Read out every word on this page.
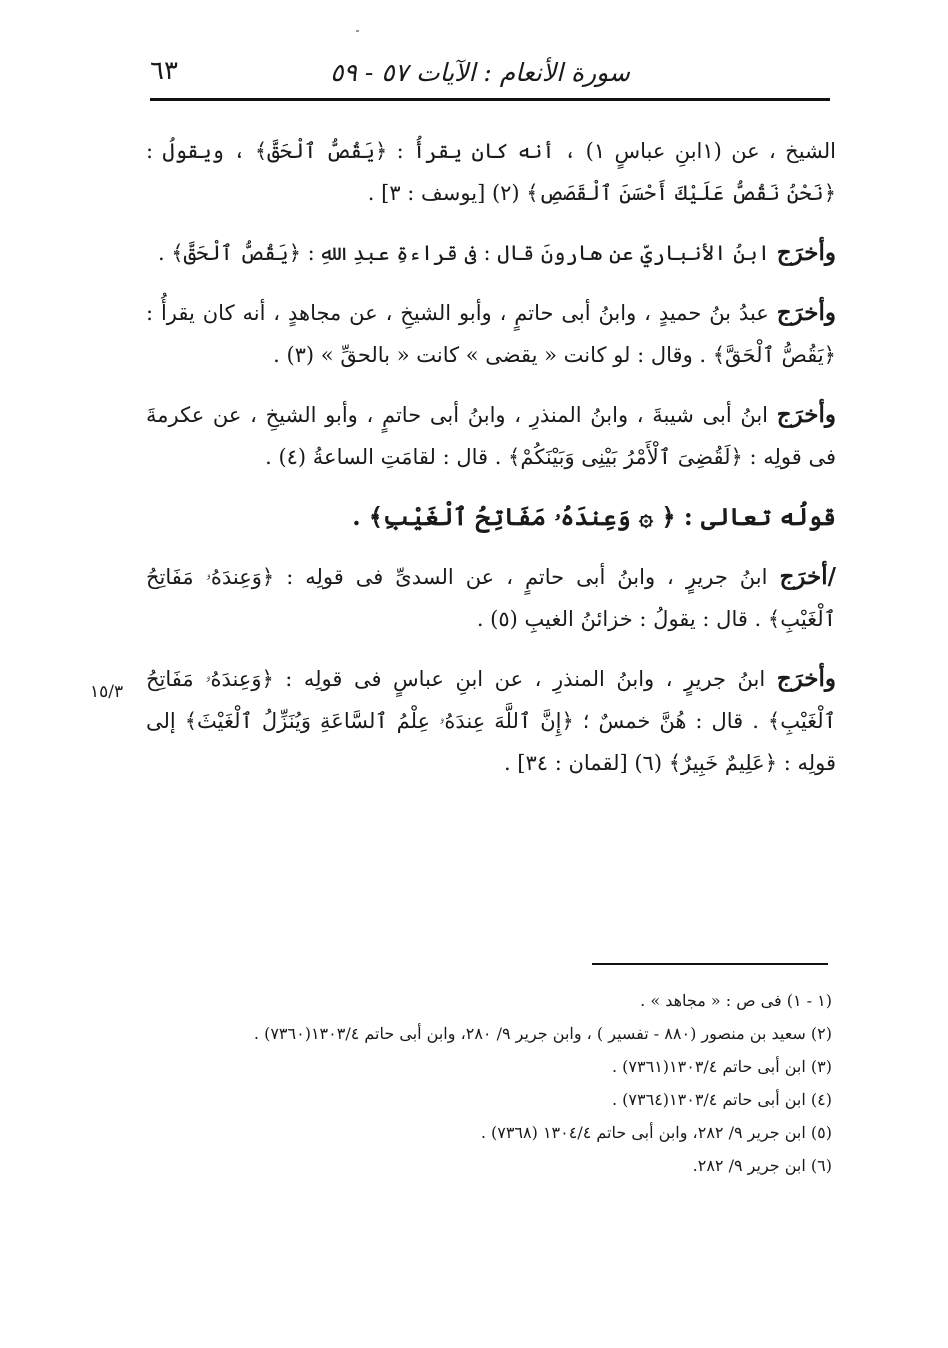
سورة الأنعام : الآيات ٥٧ - ٥٩
٦٣

الشيخ ، عن (١ابنِ عباسٍ ١) ، أنه كان يقرأُ : ﴿يَقُصُّ ٱلْحَقَّ﴾ ، ويقولُ : ﴿نَحْنُ نَقُصُّ عَلَيْكَ أَحْسَنَ ٱلْقَصَصِ﴾ (٢) [يوسف : ٣] .

وأخرَج ابنُ الأنباريِّ عن هارونَ قال : فى قراءةِ عبدِ اللهِ : ﴿يَقُصُّ ٱلْحَقَّ﴾ .

وأخرَج عبدُ بنُ حميدٍ ، وابنُ أبى حاتمٍ ، وأبو الشيخِ ، عن مجاهدٍ ، أنه كان يقرأُ : ﴿يَقُصُّ ٱلْحَقَّ﴾ . وقال : لو كانت « يقضى » كانت « بالحقِّ » (٣) .

وأخرَج ابنُ أبى شيبةَ ، وابنُ المنذرِ ، وابنُ أبى حاتمٍ ، وأبو الشيخِ ، عن عكرمةَ فى قولِه : ﴿لَقُضِىَ ٱلْأَمْرُ بَيْنِى وَبَيْنَكُمْ﴾ . قال : لقامَتِ الساعةُ (٤) .

قولُه تعالى : ﴿ ۞ وَعِندَهُۥ مَفَاتِحُ ٱلْغَيْبِ﴾ .

/أخرَج ابنُ جريرٍ ، وابنُ أبى حاتمٍ ، عن السدىِّ فى قولِه : ﴿وَعِندَهُۥ مَفَاتِحُ ٱلْغَيْبِ﴾ . قال : يقولُ : خزائنُ الغيبِ (٥) .

وأخرَج ابنُ جريرٍ ، وابنُ المنذرِ ، عن ابنِ عباسٍ فى قولِه : ﴿وَعِندَهُۥ مَفَاتِحُ ٱلْغَيْبِ﴾ . قال : هُنَّ خمسٌ ؛ ﴿إِنَّ ٱللَّهَ عِندَهُۥ عِلْمُ ٱلسَّاعَةِ وَيُنَزِّلُ ٱلْغَيْثَ﴾ إلى قولِه : ﴿عَلِيمٌ خَبِيرٌ﴾ (٦) [لقمان : ٣٤] .

١٥/٣

(١ - ١) فى ص : « مجاهد » .

(٢) سعيد بن منصور (٨٨٠ - تفسير ) ، وابن جرير ٩/ ٢٨٠، وابن أبى حاتم ١٣٠٣/٤(٧٣٦٠) .

(٣) ابن أبى حاتم ١٣٠٣/٤(٧٣٦١) .

(٤) ابن أبى حاتم ١٣٠٣/٤(٧٣٦٤) .

(٥) ابن جرير ٩/ ٢٨٢، وابن أبى حاتم ١٣٠٤/٤ (٧٣٦٨) .

(٦) ابن جرير ٩/ ٢٨٢.
